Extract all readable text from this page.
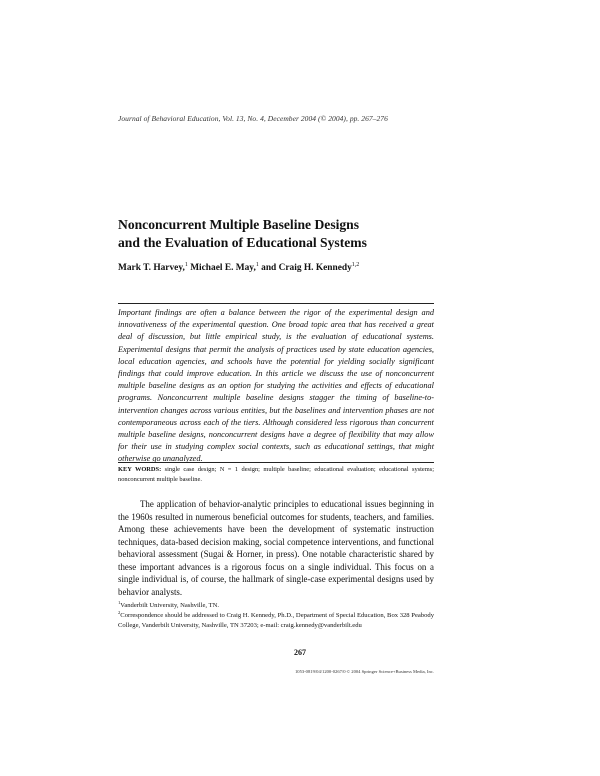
Journal of Behavioral Education, Vol. 13, No. 4, December 2004 (© 2004), pp. 267–276
Nonconcurrent Multiple Baseline Designs
and the Evaluation of Educational Systems
Mark T. Harvey,$^1$ Michael E. May,$^1$ and Craig H. Kennedy$^{1,2}$
Important findings are often a balance between the rigor of the experimental design and innovativeness of the experimental question. One broad topic area that has received a great deal of discussion, but little empirical study, is the evaluation of educational systems. Experimental designs that permit the analysis of practices used by state education agencies, local education agencies, and schools have the potential for yielding socially significant findings that could improve education. In this article we discuss the use of nonconcurrent multiple baseline designs as an option for studying the activities and effects of educational programs. Nonconcurrent multiple baseline designs stagger the timing of baseline-to-intervention changes across various entities, but the baselines and intervention phases are not contemporaneous across each of the tiers. Although considered less rigorous than concurrent multiple baseline designs, nonconcurrent designs have a degree of flexibility that may allow for their use in studying complex social contexts, such as educational settings, that might otherwise go unanalyzed.
KEY WORDS: single case design; N = 1 design; multiple baseline; educational evaluation; educational systems; nonconcurrent multiple baseline.
The application of behavior-analytic principles to educational issues beginning in the 1960s resulted in numerous beneficial outcomes for students, teachers, and families. Among these achievements have been the development of systematic instruction techniques, data-based decision making, social competence interventions, and functional behavioral assessment (Sugai & Horner, in press). One notable characteristic shared by these important advances is a rigorous focus on a single individual. This focus on a single individual is, of course, the hallmark of single-case experimental designs used by behavior analysts.

$^1$Vanderbilt University, Nashville, TN.

$^2$Correspondence should be addressed to Craig H. Kennedy, Ph.D., Department of Special Education, Box 328 Peabody College, Vanderbilt University, Nashville, TN 37203; e-mail: craig.kennedy@vanderbilt.edu

267
1053-0819/04/1200-0267/0 © 2004 Springer Science+Business Media, Inc.
